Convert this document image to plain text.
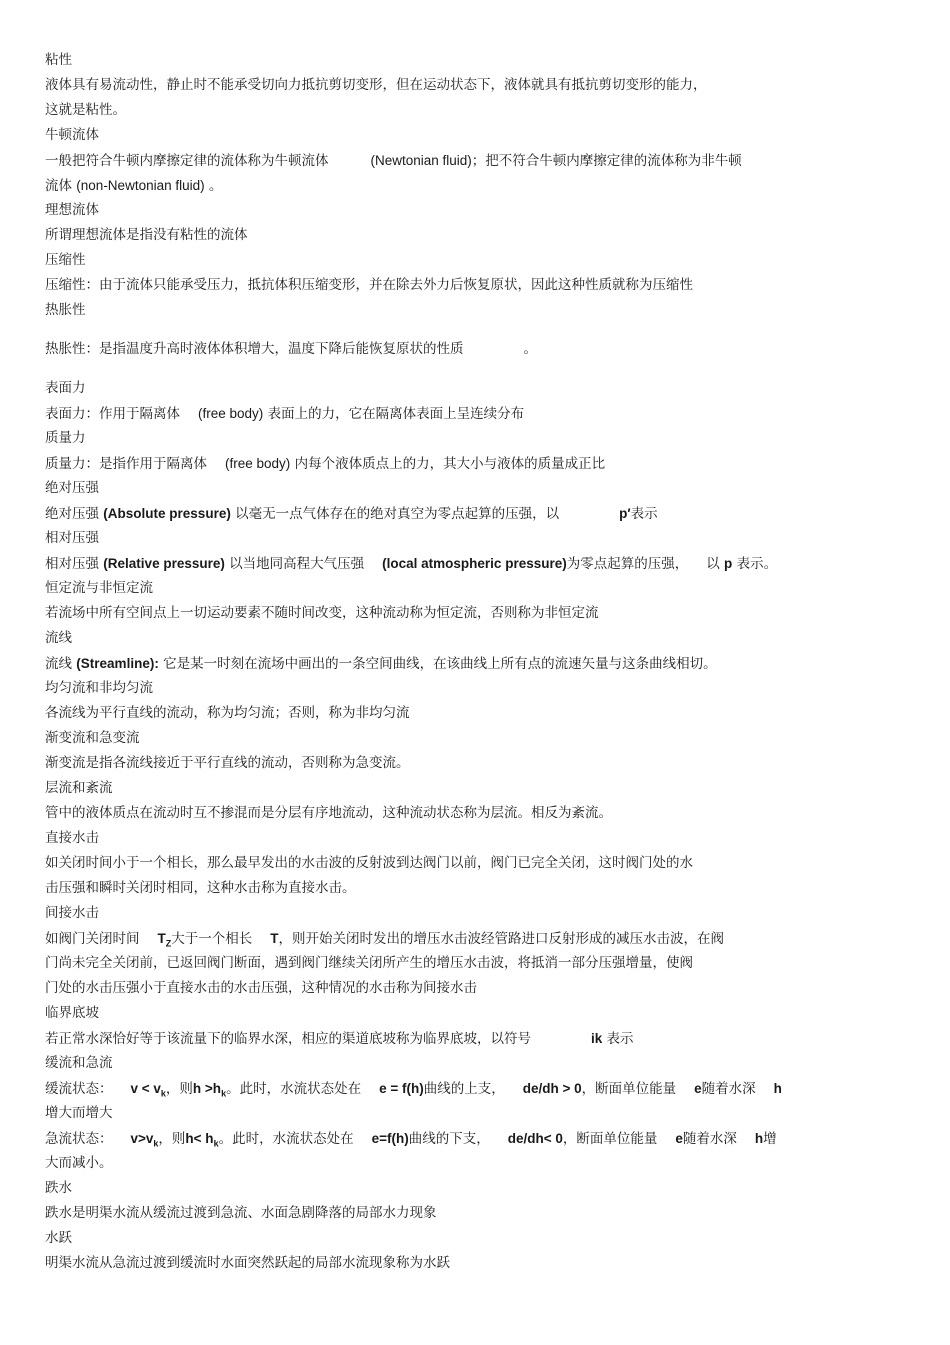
粘性
液体具有易流动性，静止时不能承受切向力抵抗剪切变形，但在运动状态下，液体就具有抵抗剪切变形的能力，
这就是粘性。
牛顿流体
一般把符合牛顿内摩擦定律的流体称为牛顿流体	(Newtonian fluid)；把不符合牛顿内摩擦定律的流体称为非牛顿
流体 (non-Newtonian fluid) 。
理想流体
所谓理想流体是指没有粘性的流体
压缩性
压缩性：由于流体只能承受压力，抵抗体积压缩变形，并在除去外力后恢复原状，因此这种性质就称为压缩性
热胀性
热胀性：是指温度升高时液体体积增大，温度下降后能恢复原状的性质	。
表面力
表面力：作用于隔离体 (free body) 表面上的力，它在隔离体表面上呈连续分布
质量力
质量力：是指作用于隔离体 (free body) 内每个液体质点上的力，其大小与液体的质量成正比
绝对压强
绝对压强 (Absolute pressure) 以毫无一点气体存在的绝对真空为零点起算的压强，以	p′表示
相对压强
相对压强 (Relative pressure) 以当地同高程大气压强 (local atmospheric pressure)为零点起算的压强， 以 p 表示。
恒定流与非恒定流
若流场中所有空间点上一切运动要素不随时间改变，这种流动称为恒定流，否则称为非恒定流
流线
流线 (Streamline): 它是某一时刻在流场中画出的一条空间曲线，在该曲线上所有点的流速矢量与这条曲线相切。
均匀流和非均匀流
各流线为平行直线的流动，称为均匀流；否则，称为非均匀流
渐变流和急变流
渐变流是指各流线接近于平行直线的流动，否则称为急变流。
层流和紊流
管中的液体质点在流动时互不掺混而是分层有序地流动，这种流动状态称为层流。相反为紊流。
直接水击
如关闭时间小于一个相长，那么最早发出的水击波的反射波到达阀门以前，阀门已完全关闭，这时阀门处的水
击压强和瞬时关闭时相同，这种水击称为直接水击。
间接水击
如阀门关闭时间 $T_Z$大于一个相长 T，则开始关闭时发出的增压水击波经管路进口反射形成的减压水击波，在阀
门尚未完全关闭前，已返回阀门断面，遇到阀门继续关闭所产生的增压水击波，将抵消一部分压强增量，使阀
门处的水击压强小于直接水击的水击压强，这种情况的水击称为间接水击
临界底坡
若正常水深恰好等于该流量下的临界水深，相应的渠道底坡称为临界底坡，以符号	ik 表示
缓流和急流
缓流状态： $v < v_k$，则$h >h_k$。此时，水流状态处在 e = f(h)曲线的上支， de/dh > 0，断面单位能量 e随着水深 h
增大而增大
急流状态： $v>v_k$，则$h< h_k$。此时，水流状态处在 e=f(h)曲线的下支， de/dh< 0，断面单位能量 e随着水深 h增
大而减小。
跌水
跌水是明渠水流从缓流过渡到急流、水面急剧降落的局部水力现象
水跃
明渠水流从急流过渡到缓流时水面突然跃起的局部水流现象称为水跃
